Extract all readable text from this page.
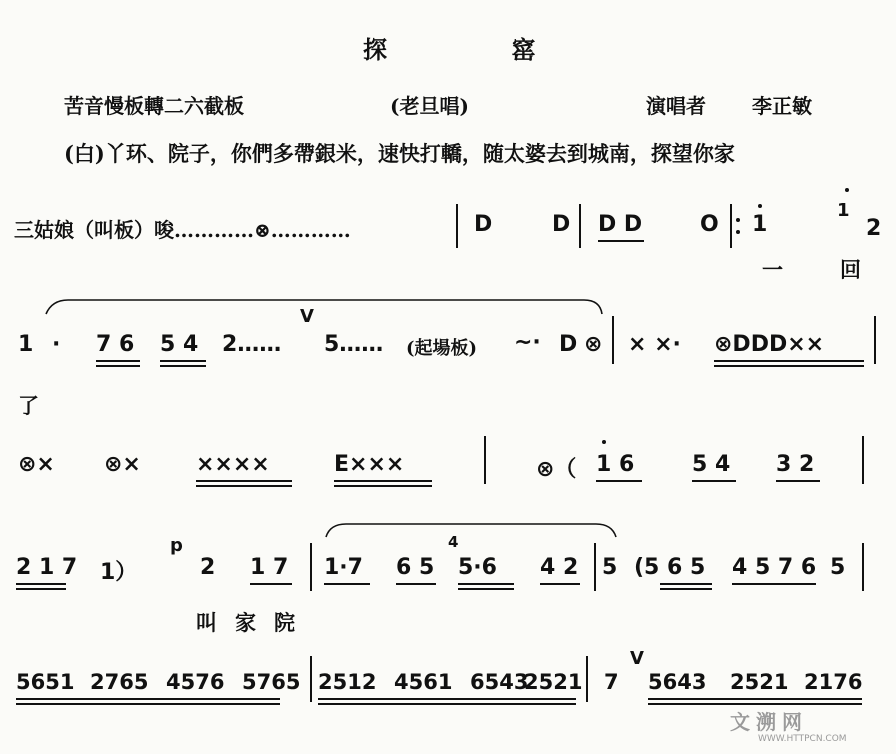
探 窰
苦音慢板轉二六截板	(老旦唱)	演唱者 李正敏
(白)丫环、院子，你們多帶銀米，速快打轎，随太婆去到城南，探望你家
三姑娘（叫板）唆…………⊗…………	D	D D D	O 1
1
2
一 回
1 · 7 6 5 4 2……
V
5…… (起場板) ~· D ⊗ × ×· ⊗DDD××
了
⊗× ⊗×	××××	E×××	⊗（ 1 6	5 4 3 2
2 1 7 1）
p
2 1 7 1·7 6 5
4
5·6 4 2 5 (5 6 5 4 5 7 6 5
叫家院
5651 2765 4576 5765 2512 4561 6543
2521 7
V
5643 2521 2176
文溯网
WWW.HTTPCN.COM
